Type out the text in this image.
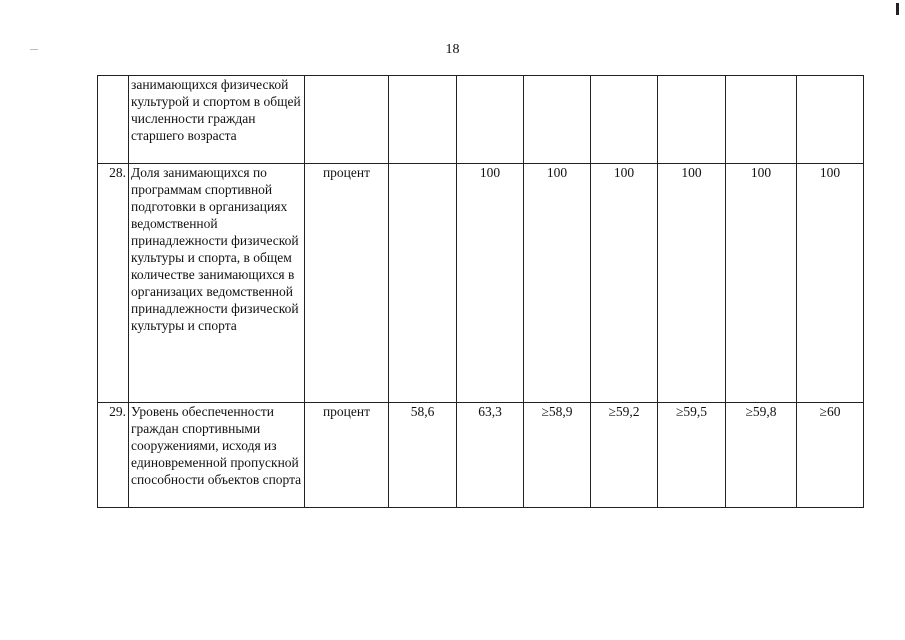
18
	занимающихся физической культурой и спортом в общей численности граждан старшего возраста								
28.	Доля занимающихся по программам спортивной подготовки в организациях ведомственной принадлежности физической культуры и спорта, в общем количестве занимающихся в организацих ведомственной принадлежности физической культуры и спорта	процент		100	100	100	100	100	100
29.	Уровень обеспеченности граждан спортивными сооружениями, исходя из единовременной пропускной способности объектов спорта	процент	58,6	63,3	≥58,9	≥59,2	≥59,5	≥59,8	≥60
